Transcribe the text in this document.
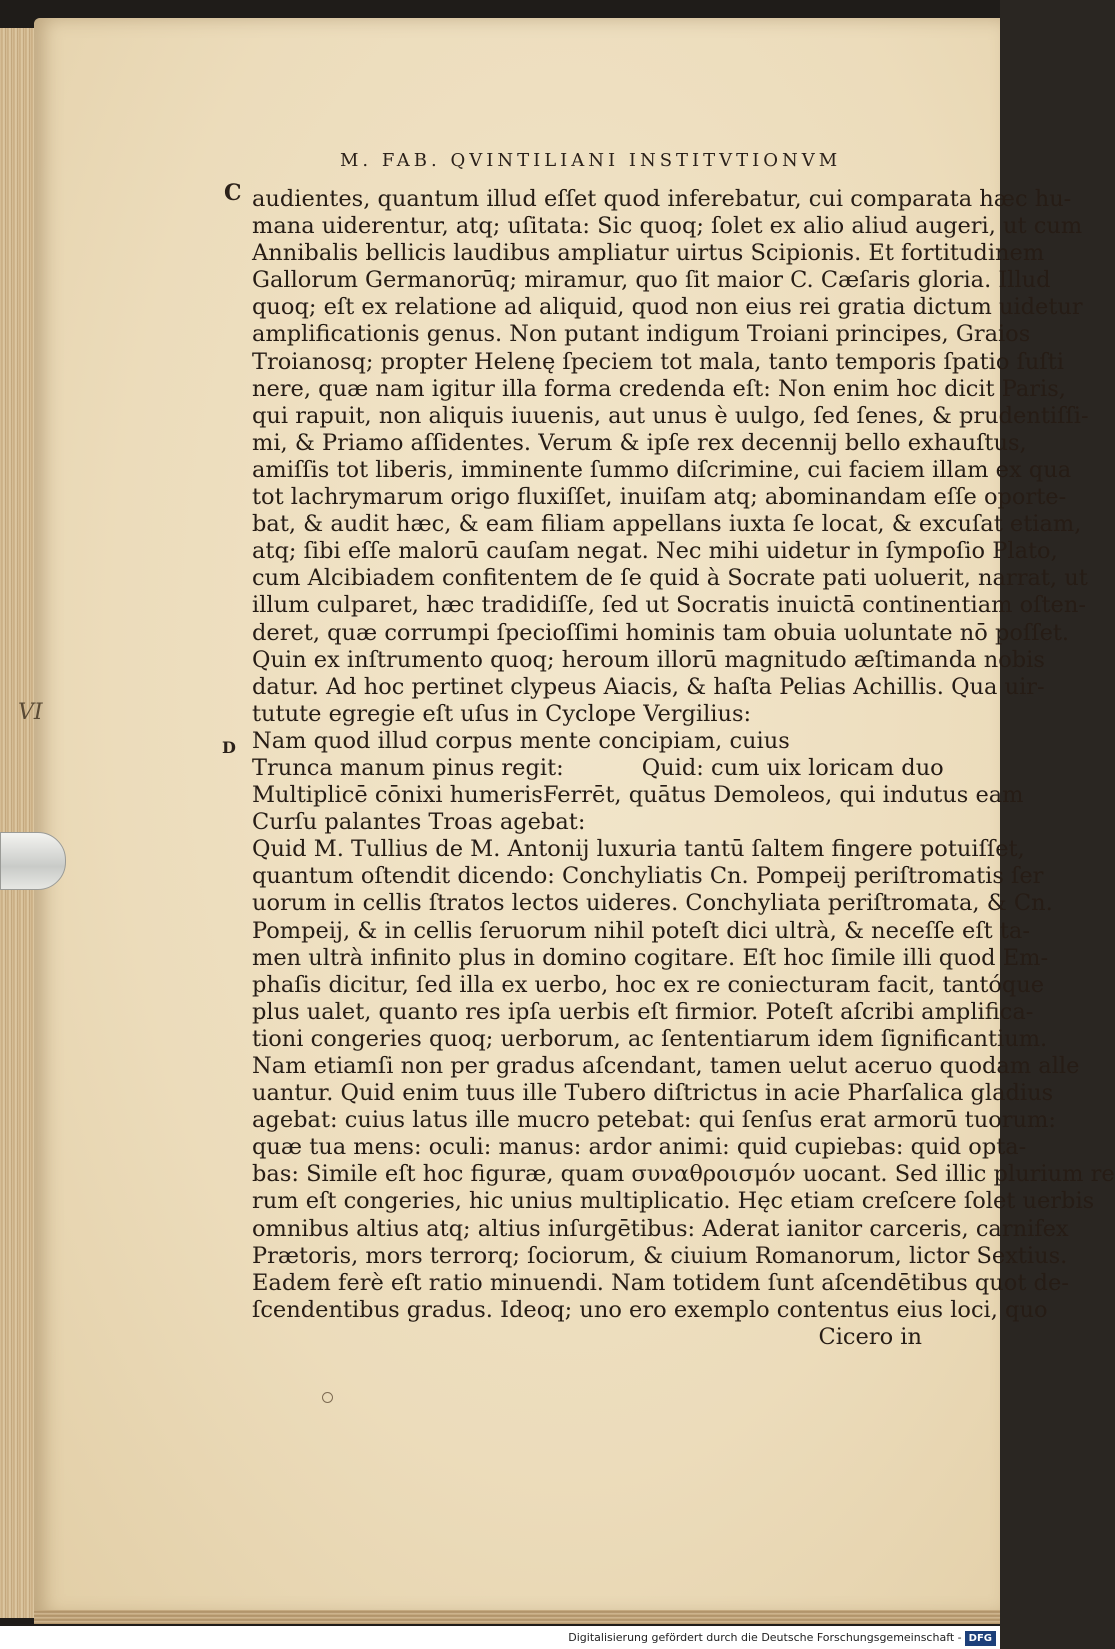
VI
M. FAB. QVINTILIANI INSTITVTIONVM
C
D
audientes, quantum illud eſſet quod inferebatur, cui comparata hæc hu-
mana uiderentur, atq; uſitata: Sic quoq; ſolet ex alio aliud augeri, ut cum
Annibalis bellicis laudibus ampliatur uirtus Scipionis. Et fortitudinem
Gallorum Germanorūq; miramur, quo ſit maior C. Cæſaris gloria. Illud
quoq; eſt ex relatione ad aliquid, quod non eius rei gratia dictum uidetur
amplificationis genus. Non putant indigum Troiani principes, Graios
Troianosq; propter Helenę ſpeciem tot mala, tanto temporis ſpatio ſuſti
nere, quæ nam igitur illa forma credenda eſt: Non enim hoc dicit Paris,
qui rapuit, non aliquis iuuenis, aut unus è uulgo, ſed ſenes, & prudentiſſi-
mi, & Priamo aſſidentes. Verum & ipſe rex decennij bello exhauſtus,
amiſſis tot liberis, imminente ſummo diſcrimine, cui faciem illam ex qua
tot lachrymarum origo fluxiſſet, inuiſam atq; abominandam eſſe oporte-
bat, & audit hæc, & eam filiam appellans iuxta ſe locat, & excuſat etiam,
atq; ſibi eſſe malorū cauſam negat. Nec mihi uidetur in ſympoſio Plato,
cum Alcibiadem confitentem de ſe quid à Socrate pati uoluerit, narrat, ut
illum culparet, hæc tradidiſſe, ſed ut Socratis inuictā continentiam oſten-
deret, quæ corrumpi ſpecioſſimi hominis tam obuia uoluntate nō poſſet.
Quin ex inſtrumento quoq; heroum illorū magnitudo æſtimanda nobis
datur. Ad hoc pertinet clypeus Aiacis, & haſta Pelias Achillis. Qua uir-
tutute egregie eſt uſus in Cyclope Vergilius:
Nam quod illud corpus mente concipiam, cuius
Trunca manum pinus regit:	Quid: cum uix loricam duo
Multiplicē cōnixi humeris Ferrēt, quātus Demoleos, qui indutus eam
Curſu palantes Troas agebat:
Quid M. Tullius de M. Antonij luxuria tantū ſaltem fingere potuiſſet,
quantum oſtendit dicendo: Conchyliatis Cn. Pompeij periſtromatis ſer
uorum in cellis ſtratos lectos uideres. Conchyliata periſtromata, & Cn.
Pompeij, & in cellis ſeruorum nihil poteſt dici ultrà, & neceſſe eſt ta-
men ultrà infinito plus in domino cogitare. Eſt hoc ſimile illi quod Em-
phaſis dicitur, ſed illa ex uerbo, hoc ex re coniecturam facit, tantóque
plus ualet, quanto res ipſa uerbis eſt firmior. Poteſt aſcribi amplifica-
tioni congeries quoq; uerborum, ac ſententiarum idem ſignificantium.
Nam etiamſi non per gradus aſcendant, tamen uelut aceruo quodam alle
uantur. Quid enim tuus ille Tubero diſtrictus in acie Pharſalica gladius
agebat: cuius latus ille mucro petebat: qui ſenſus erat armorū tuorum:
quæ tua mens: oculi: manus: ardor animi: quid cupiebas: quid opta-
bas: Simile eſt hoc figuræ, quam συναθροισμόν uocant. Sed illic plurium re
rum eſt congeries, hic unius multiplicatio. Hęc etiam creſcere ſolet uerbis
omnibus altius atq; altius inſurgētibus: Aderat ianitor carceris, carnifex
Prætoris, mors terrorq; ſociorum, & ciuium Romanorum, lictor Sextius.
Eadem ferè eſt ratio minuendi. Nam totidem ſunt aſcendētibus quot de-
ſcendentibus gradus. Ideoq; uno ero exemplo contentus eius loci, quo
Cicero in
Digitalisierung gefördert durch die Deutsche Forschungsgemeinschaft - DFG
